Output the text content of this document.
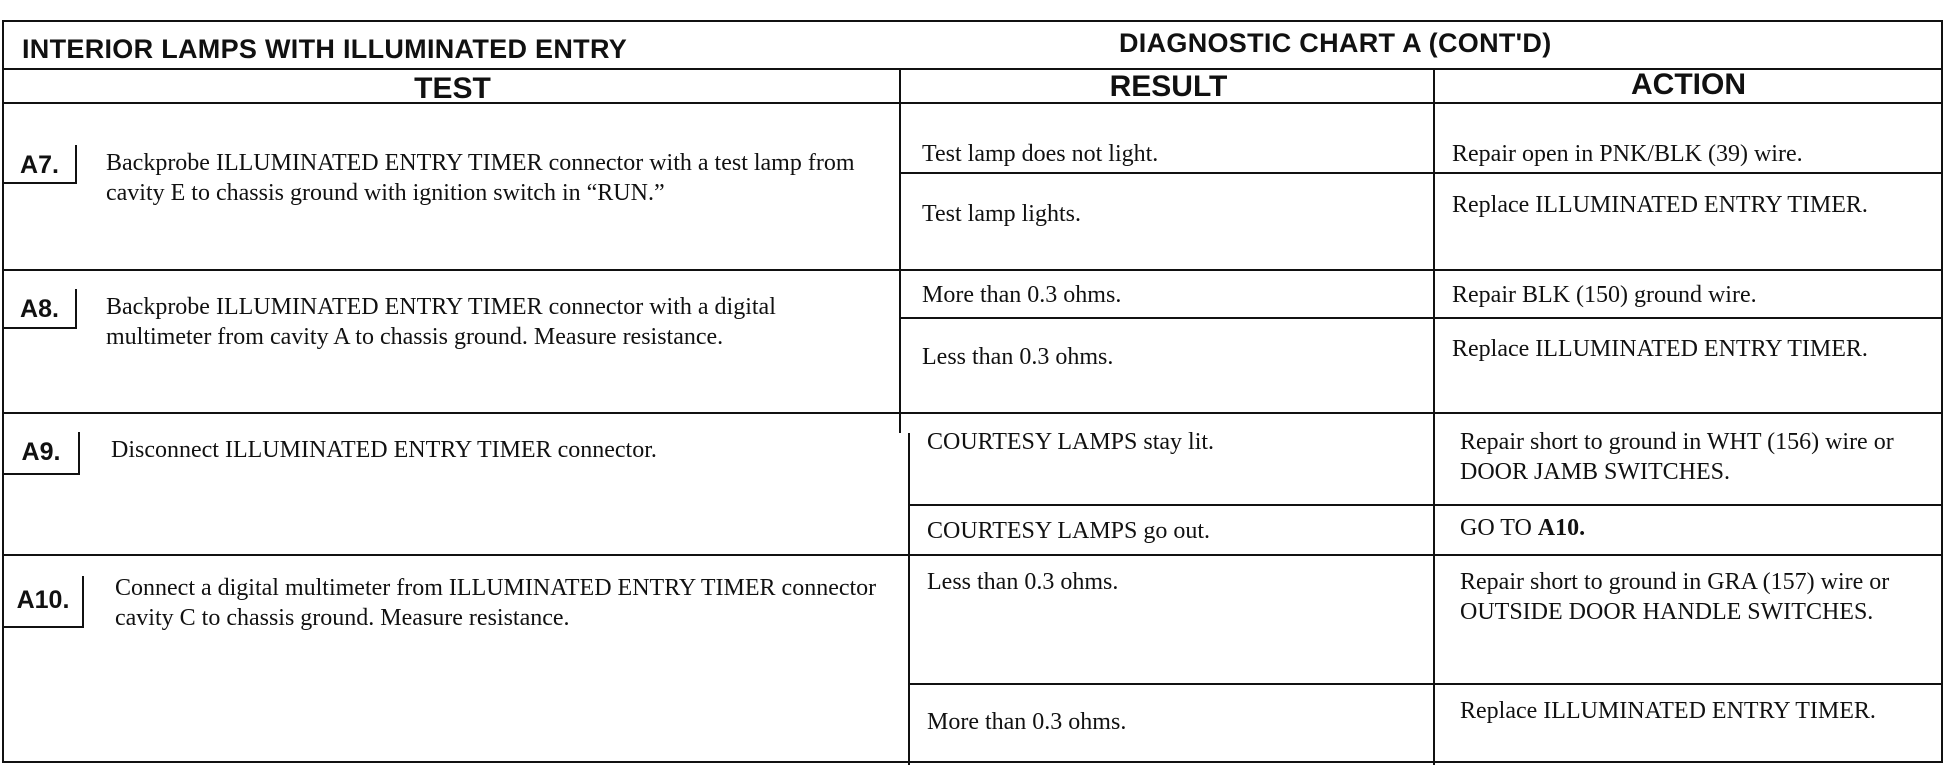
INTERIOR LAMPS WITH ILLUMINATED ENTRY	DIAGNOSTIC CHART A (CONT'D)
TEST	RESULT	ACTION
A7.	Backprobe ILLUMINATED ENTRY TIMER connector with a test lamp from cavity E to chassis ground with ignition switch in “RUN.”
Test lamp does not light.	Repair open in PNK/BLK (39) wire.
Test lamp lights.	Replace ILLUMINATED ENTRY TIMER.
A8.	Backprobe ILLUMINATED ENTRY TIMER connector with a digital multimeter from cavity A to chassis ground. Measure resistance.
More than 0.3 ohms.	Repair BLK (150) ground wire.
Less than 0.3 ohms.	Replace ILLUMINATED ENTRY TIMER.
A9.	Disconnect ILLUMINATED ENTRY TIMER connector.	COURTESY LAMPS stay lit.	Repair short to ground in WHT (156) wire or DOOR JAMB SWITCHES.
COURTESY LAMPS go out.	GO TO A10.
A10.	Connect a digital multimeter from ILLUMINATED ENTRY TIMER connector cavity C to chassis ground. Measure resistance.
Less than 0.3 ohms.	Repair short to ground in GRA (157) wire or OUTSIDE DOOR HANDLE SWITCHES.
More than 0.3 ohms.	Replace ILLUMINATED ENTRY TIMER.
